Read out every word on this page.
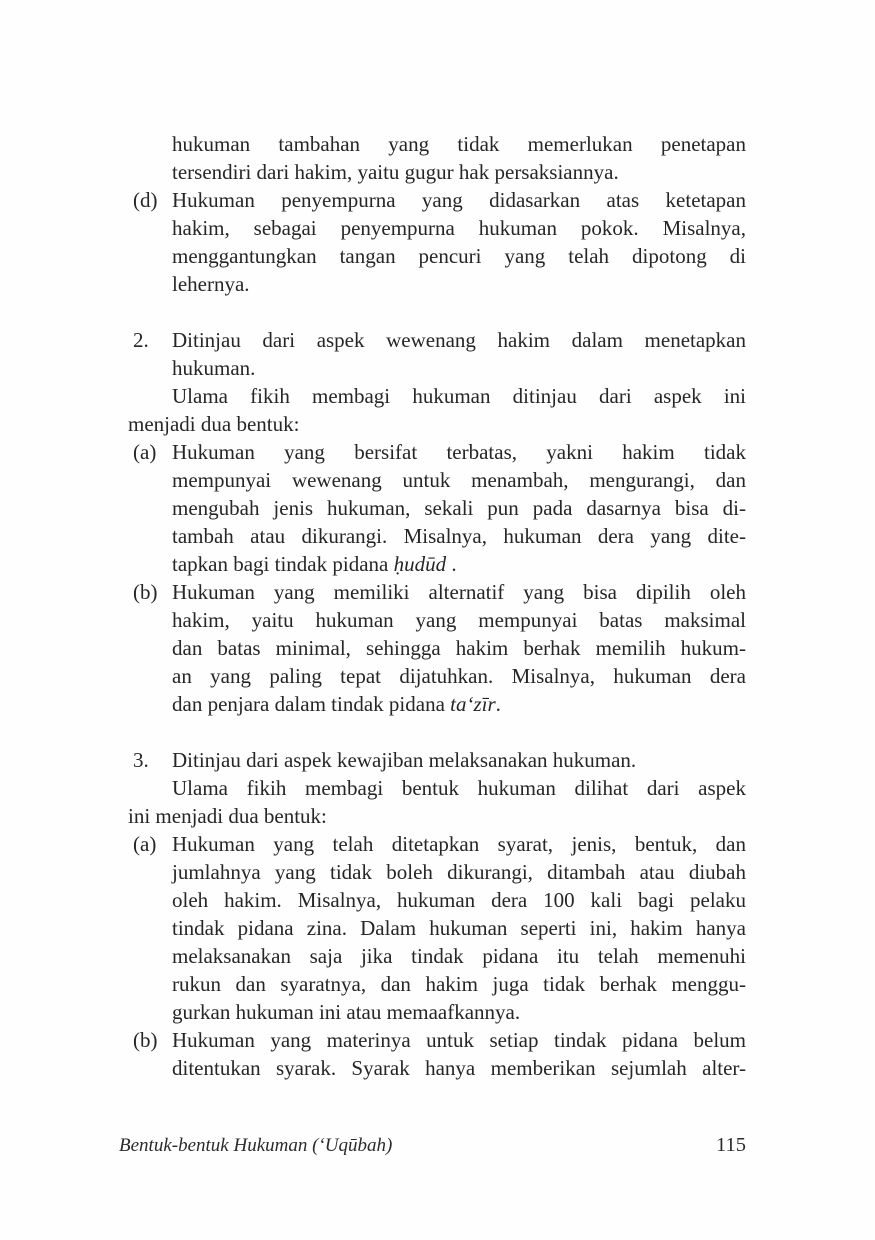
hukuman tambahan yang tidak memerlukan penetapan
tersendiri dari hakim, yaitu gugur hak persaksiannya.
(d) Hukuman penyempurna yang didasarkan atas ketetapan
hakim, sebagai penyempurna hukuman pokok. Misalnya,
menggantungkan tangan pencuri yang telah dipotong di
lehernya.
2. Ditinjau dari aspek wewenang hakim dalam menetapkan
hukuman.
Ulama fikih membagi hukuman ditinjau dari aspek ini
menjadi dua bentuk:
(a) Hukuman yang bersifat terbatas, yakni hakim tidak
mempunyai wewenang untuk menambah, mengurangi, dan
mengubah jenis hukuman, sekali pun pada dasarnya bisa di-
tambah atau dikurangi. Misalnya, hukuman dera yang dite-
tapkan bagi tindak pidana ḥudūd .
(b) Hukuman yang memiliki alternatif yang bisa dipilih oleh
hakim, yaitu hukuman yang mempunyai batas maksimal
dan batas minimal, sehingga hakim berhak memilih hukum-
an yang paling tepat dijatuhkan. Misalnya, hukuman dera
dan penjara dalam tindak pidana ta‘zīr.
3. Ditinjau dari aspek kewajiban melaksanakan hukuman.
Ulama fikih membagi bentuk hukuman dilihat dari aspek
ini menjadi dua bentuk:
(a) Hukuman yang telah ditetapkan syarat, jenis, bentuk, dan
jumlahnya yang tidak boleh dikurangi, ditambah atau diubah
oleh hakim. Misalnya, hukuman dera 100 kali bagi pelaku
tindak pidana zina. Dalam hukuman seperti ini, hakim hanya
melaksanakan saja jika tindak pidana itu telah memenuhi
rukun dan syaratnya, dan hakim juga tidak berhak menggu-
gurkan hukuman ini atau memaafkannya.
(b) Hukuman yang materinya untuk setiap tindak pidana belum
ditentukan syarak. Syarak hanya memberikan sejumlah alter-
Bentuk-bentuk Hukuman (‘Uqūbah)	115
